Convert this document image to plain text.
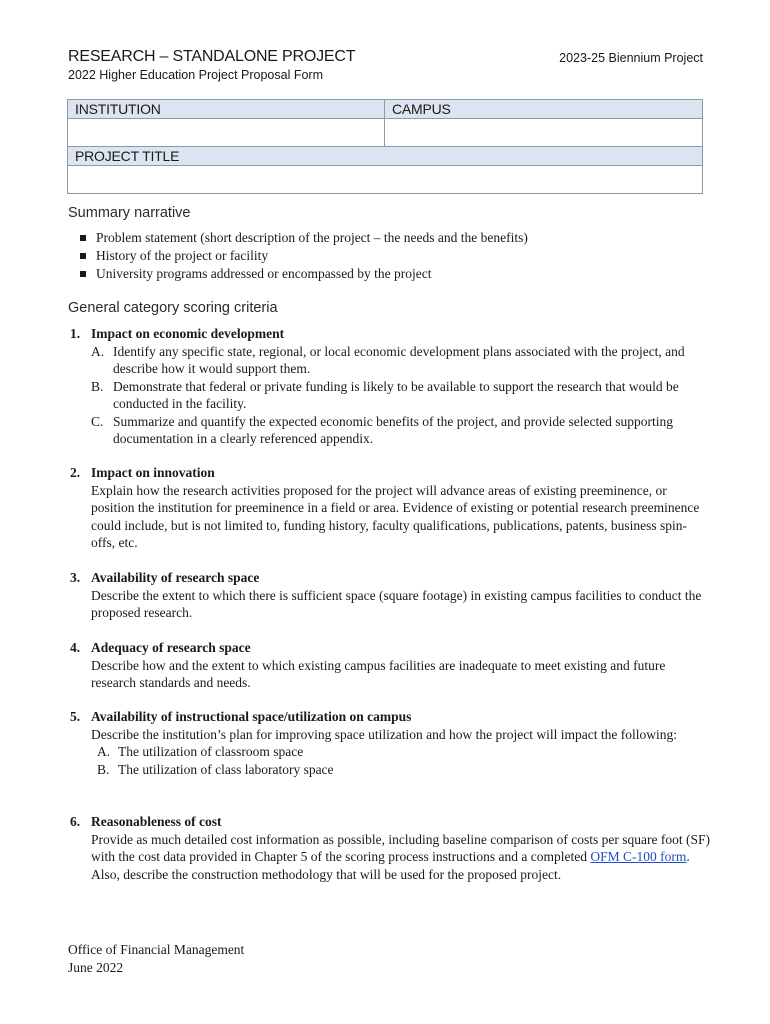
RESEARCH – STANDALONE PROJECT	2023-25 Biennium Project
2022 Higher Education Project Proposal Form
INSTITUTION	CAMPUS

PROJECT TITLE	

Summary narrative
Problem statement (short description of the project – the needs and the benefits)
History of the project or facility
University programs addressed or encompassed by the project
General category scoring criteria
1. Impact on economic development
A. Identify any specific state, regional, or local economic development plans associated with the project, and describe how it would support them.
B. Demonstrate that federal or private funding is likely to be available to support the research that would be conducted in the facility.
C. Summarize and quantify the expected economic benefits of the project, and provide selected supporting documentation in a clearly referenced appendix.
2. Impact on innovation
Explain how the research activities proposed for the project will advance areas of existing preeminence, or position the institution for preeminence in a field or area. Evidence of existing or potential research preeminence could include, but is not limited to, funding history, faculty qualifications, publications, patents, business spin-offs, etc.
3. Availability of research space
Describe the extent to which there is sufficient space (square footage) in existing campus facilities to conduct the proposed research.
4. Adequacy of research space
Describe how and the extent to which existing campus facilities are inadequate to meet existing and future research standards and needs.
5. Availability of instructional space/utilization on campus
Describe the institution’s plan for improving space utilization and how the project will impact the following:
A. The utilization of classroom space
B. The utilization of class laboratory space
6. Reasonableness of cost
Provide as much detailed cost information as possible, including baseline comparison of costs per square foot (SF) with the cost data provided in Chapter 5 of the scoring process instructions and a completed OFM C-100 form. Also, describe the construction methodology that will be used for the proposed project.
Office of Financial Management
June 2022
